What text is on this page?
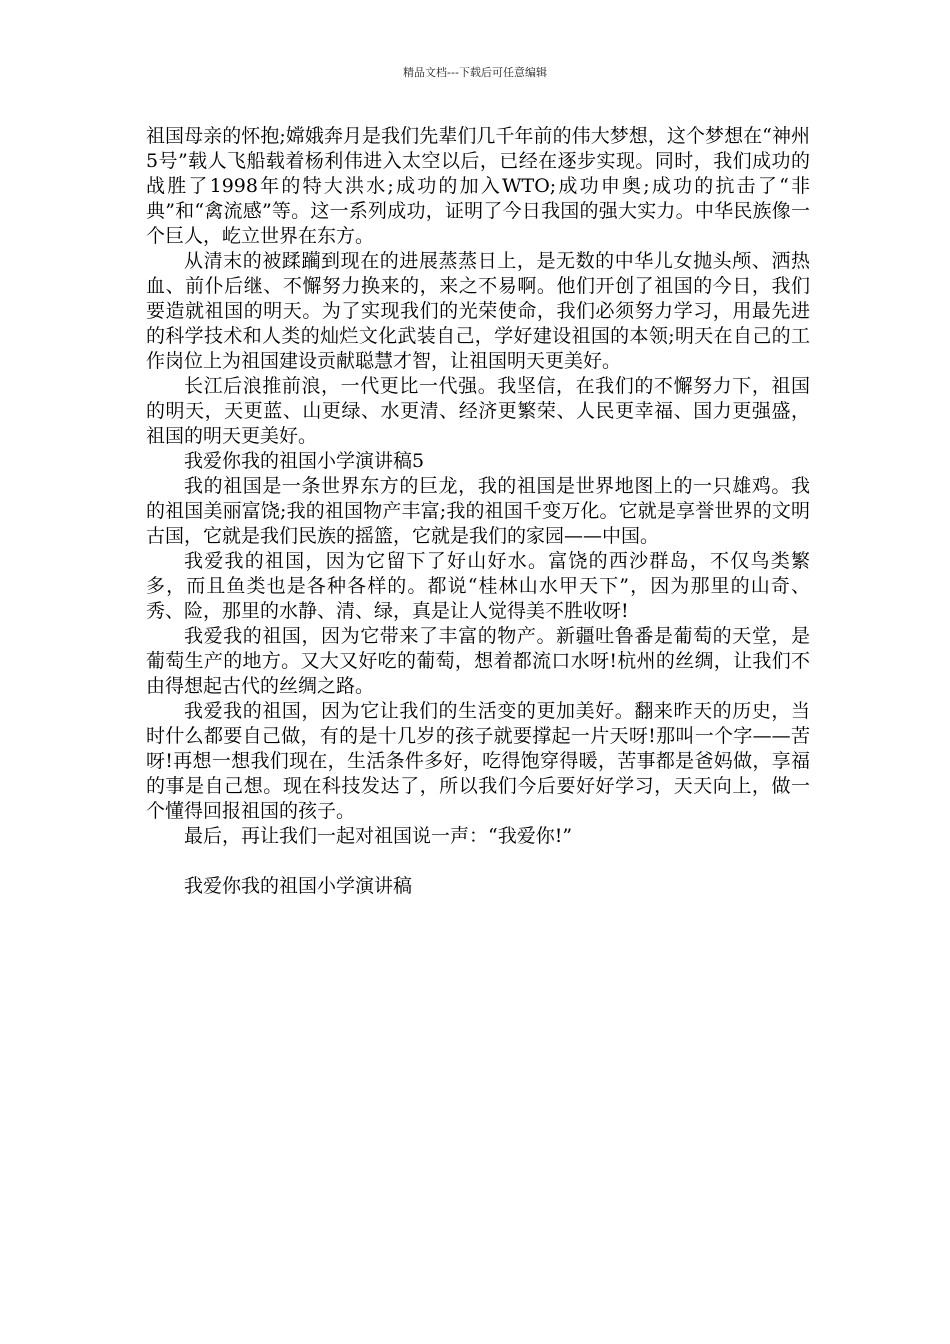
精品文档---下载后可任意编辑

祖国母亲的怀抱;嫦娥奔月是我们先辈们几千年前的伟大梦想，这个梦想在“神州5号”载人飞船载着杨利伟进入太空以后，已经在逐步实现。同时，我们成功的战胜了1998年的特大洪水;成功的加入WTO;成功申奥;成功的抗击了“非典”和“禽流感”等。这一系列成功，证明了今日我国的强大实力。中华民族像一个巨人，屹立世界在东方。

从清末的被蹂躏到现在的进展蒸蒸日上，是无数的中华儿女抛头颅、洒热血、前仆后继、不懈努力换来的，来之不易啊。他们开创了祖国的今日，我们要造就祖国的明天。为了实现我们的光荣使命，我们必须努力学习，用最先进的科学技术和人类的灿烂文化武装自己，学好建设祖国的本领;明天在自己的工作岗位上为祖国建设贡献聪慧才智，让祖国明天更美好。

长江后浪推前浪，一代更比一代强。我坚信，在我们的不懈努力下，祖国的明天，天更蓝、山更绿、水更清、经济更繁荣、人民更幸福、国力更强盛，祖国的明天更美好。

我爱你我的祖国小学演讲稿5

我的祖国是一条世界东方的巨龙，我的祖国是世界地图上的一只雄鸡。我的祖国美丽富饶;我的祖国物产丰富;我的祖国千变万化。它就是享誉世界的文明古国，它就是我们民族的摇篮，它就是我们的家园——中国。

我爱我的祖国，因为它留下了好山好水。富饶的西沙群岛，不仅鸟类繁多，而且鱼类也是各种各样的。都说“桂林山水甲天下”，因为那里的山奇、秀、险，那里的水静、清、绿，真是让人觉得美不胜收呀!

我爱我的祖国，因为它带来了丰富的物产。新疆吐鲁番是葡萄的天堂，是葡萄生产的地方。又大又好吃的葡萄，想着都流口水呀!杭州的丝绸，让我们不由得想起古代的丝绸之路。

我爱我的祖国，因为它让我们的生活变的更加美好。翻来昨天的历史，当时什么都要自己做，有的是十几岁的孩子就要撑起一片天呀!那叫一个字——苦呀!再想一想我们现在，生活条件多好，吃得饱穿得暖，苦事都是爸妈做，享福的事是自己想。现在科技发达了，所以我们今后要好好学习，天天向上，做一个懂得回报祖国的孩子。

最后，再让我们一起对祖国说一声：“我爱你!”

我爱你我的祖国小学演讲稿
